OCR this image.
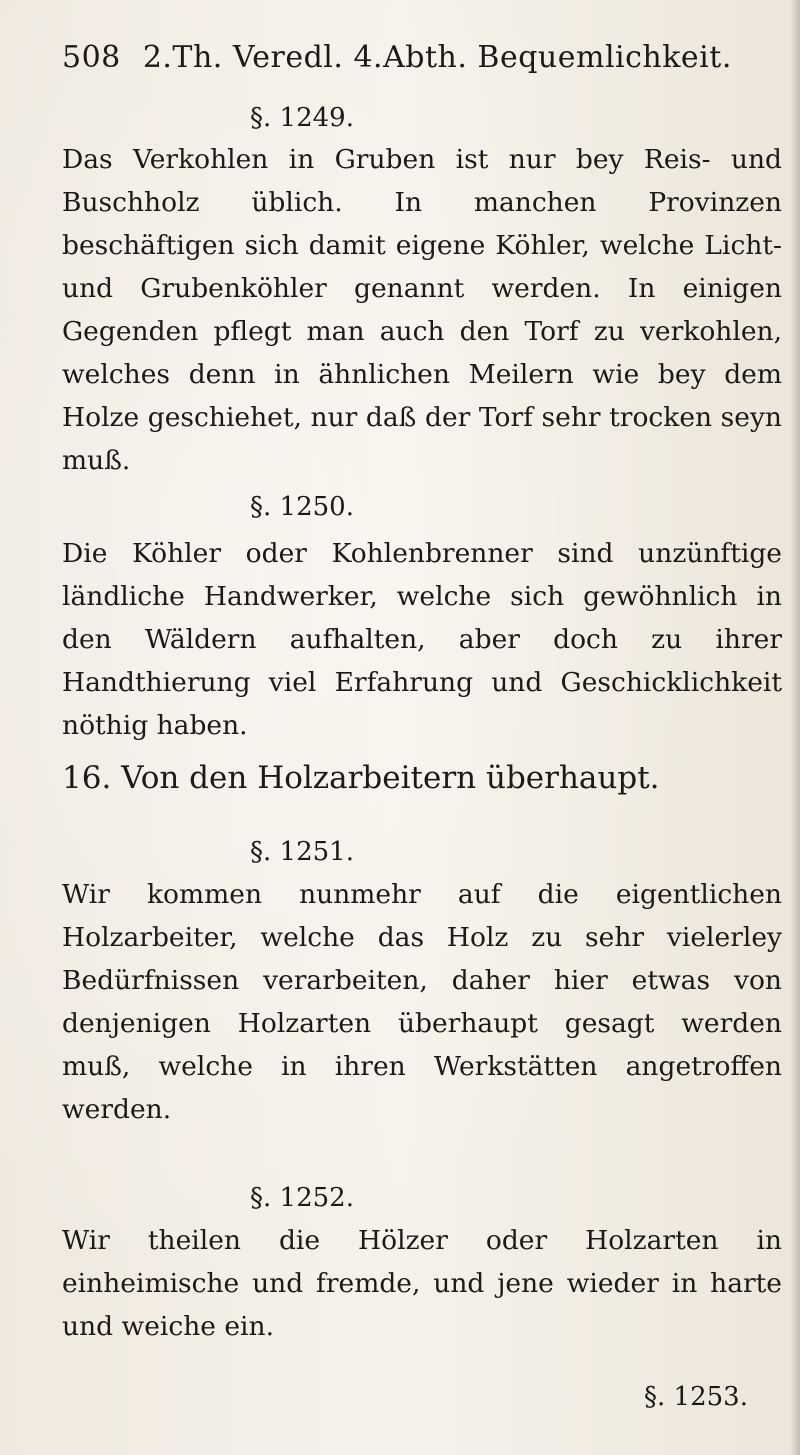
508 2.Th. Veredl. 4.Abth. Bequemlichkeit.
§. 1249.
Das Verkohlen in Gruben ist nur bey Reis- und Buschholz üblich. In manchen Provinzen beschäftigen sich damit eigene Köhler, welche Licht- und Grubenköhler genannt werden. In einigen Gegenden pflegt man auch den Torf zu verkohlen, welches denn in ähnlichen Meilern wie bey dem Holze geschiehet, nur daß der Torf sehr trocken seyn muß.
§. 1250.
Die Köhler oder Kohlenbrenner sind unzünftige ländliche Handwerker, welche sich gewöhnlich in den Wäldern aufhalten, aber doch zu ihrer Handthierung viel Erfahrung und Geschicklichkeit nöthig haben.
16. Von den Holzarbeitern überhaupt.
§. 1251.
Wir kommen nunmehr auf die eigentlichen Holzarbeiter, welche das Holz zu sehr vielerley Bedürfnissen verarbeiten, daher hier etwas von denjenigen Holzarten überhaupt gesagt werden muß, welche in ihren Werkstätten angetroffen werden.
§. 1252.
Wir theilen die Hölzer oder Holzarten in einheimische und fremde, und jene wieder in harte und weiche ein.
§. 1253.
